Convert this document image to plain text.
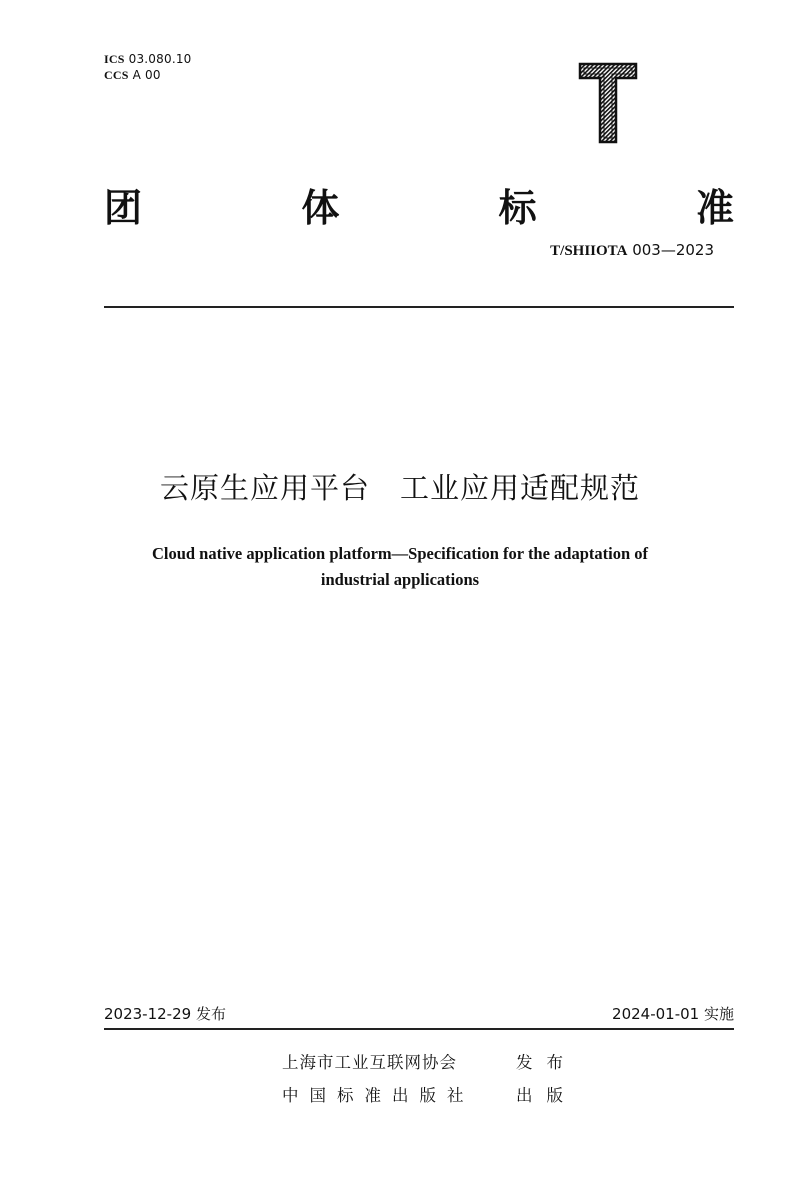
ICS 03.080.10
CCS A 00
团	体	标	准
T/SHIIOTA 003—2023
云原生应用平台　工业应用适配规范
Cloud native application platform—Specification for the adaptation of
industrial applications
2023-12-29 发布	2024-01-01 实施
上海市工业互联网协会	发布
中国标准出版社	出版
